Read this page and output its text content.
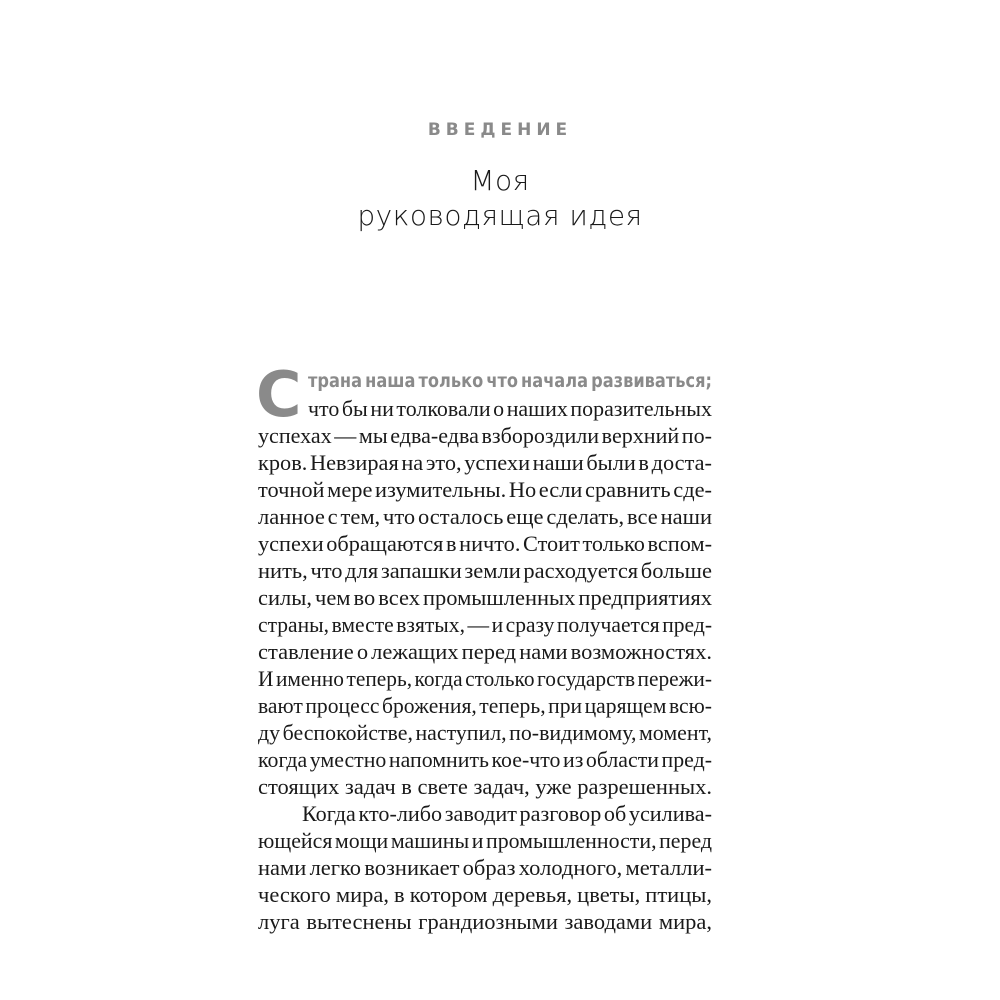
ВВЕДЕНИЕ
Моя
руководящая идея
С трана наша только что начала развиваться;
что бы ни толковали о наших поразительных
успехах — мы едва-едва взбороздили верхний по-
кров. Невзирая на это, успехи наши были в доста-
точной мере изумительны. Но если сравнить сде-
ланное с тем, что осталось еще сделать, все наши
успехи обращаются в ничто. Стоит только вспом-
нить, что для запашки земли расходуется больше
силы, чем во всех промышленных предприятиях
страны, вместе взятых, — и сразу получается пред-
ставление о лежащих перед нами возможностях.
И именно теперь, когда столько государств пережи-
вают процесс брожения, теперь, при царящем всю-
ду беспокойстве, наступил, по-видимому, момент,
когда уместно напомнить кое-что из области пред-
стоящих задач в свете задач, уже разрешенных.
Когда кто-либо заводит разговор об усилива-
ющейся мощи машины и промышленности, перед
нами легко возникает образ холодного, металли-
ческого мира, в котором деревья, цветы, птицы,
луга вытеснены грандиозными заводами мира,
